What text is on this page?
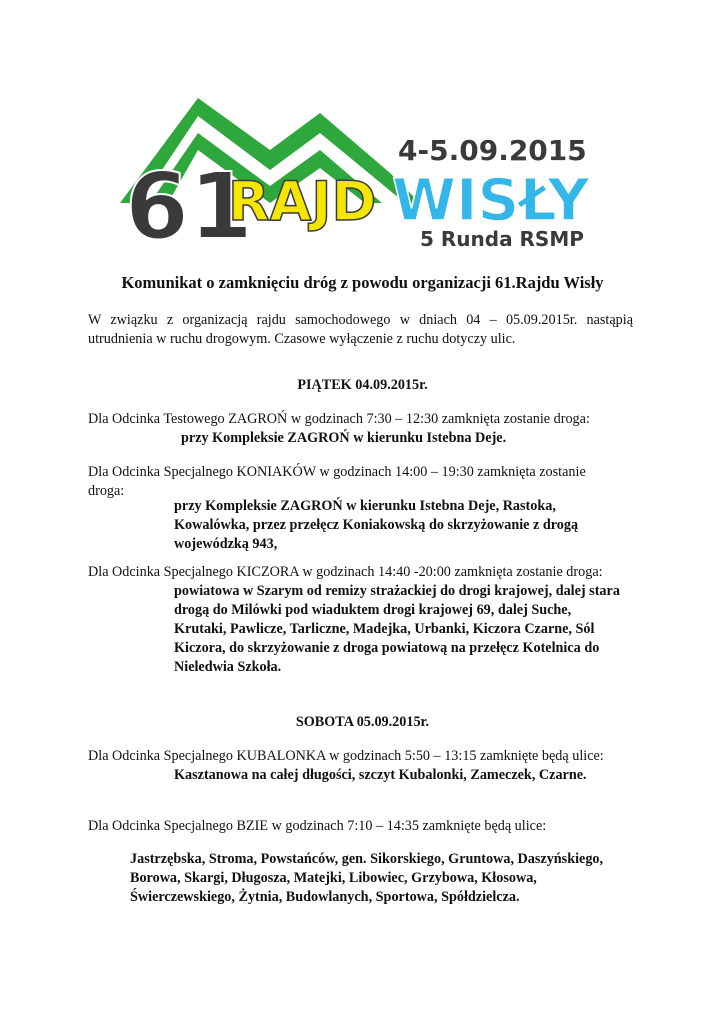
61
RAJD WISŁY
4-5.09.2015
5 Runda RSMP
Komunikat o zamknięciu dróg z powodu organizacji 61.Rajdu Wisły
W związku z organizacją rajdu samochodowego w dniach 04 – 05.09.2015r. nastąpią utrudnienia w ruchu drogowym. Czasowe wyłączenie z ruchu dotyczy ulic.
PIĄTEK 04.09.2015r.
Dla Odcinka Testowego ZAGROŃ w godzinach 7:30 – 12:30 zamknięta zostanie droga:
przy Kompleksie ZAGROŃ w kierunku Istebna Deje.
Dla Odcinka Specjalnego KONIAKÓW w godzinach 14:00 – 19:30 zamknięta zostanie
droga:
przy Kompleksie ZAGROŃ w kierunku Istebna Deje, Rastoka,
Kowalówka, przez przełęcz Koniakowską do skrzyżowanie z drogą
wojewódzką 943,
Dla Odcinka Specjalnego KICZORA w godzinach 14:40 -20:00 zamknięta zostanie droga:
powiatowa w Szarym od remizy strażackiej do drogi krajowej, dalej stara
drogą do Milówki pod wiaduktem drogi krajowej 69, dalej Suche,
Krutaki, Pawlicze, Tarliczne, Madejka, Urbanki, Kiczora Czarne, Sól
Kiczora, do skrzyżowanie z droga powiatową na przełęcz Kotelnica do
Nieledwia Szkoła.
SOBOTA 05.09.2015r.
Dla Odcinka Specjalnego KUBALONKA w godzinach 5:50 – 13:15 zamknięte będą ulice:
Kasztanowa na całej długości, szczyt Kubalonki, Zameczek, Czarne.
Dla Odcinka Specjalnego BZIE w godzinach 7:10 – 14:35 zamknięte będą ulice:
Jastrzębska, Stroma, Powstańców, gen. Sikorskiego, Gruntowa, Daszyńskiego,
Borowa, Skargi, Długosza, Matejki, Libowiec, Grzybowa, Kłosowa,
Świerczewskiego, Żytnia, Budowlanych, Sportowa, Spółdzielcza.
